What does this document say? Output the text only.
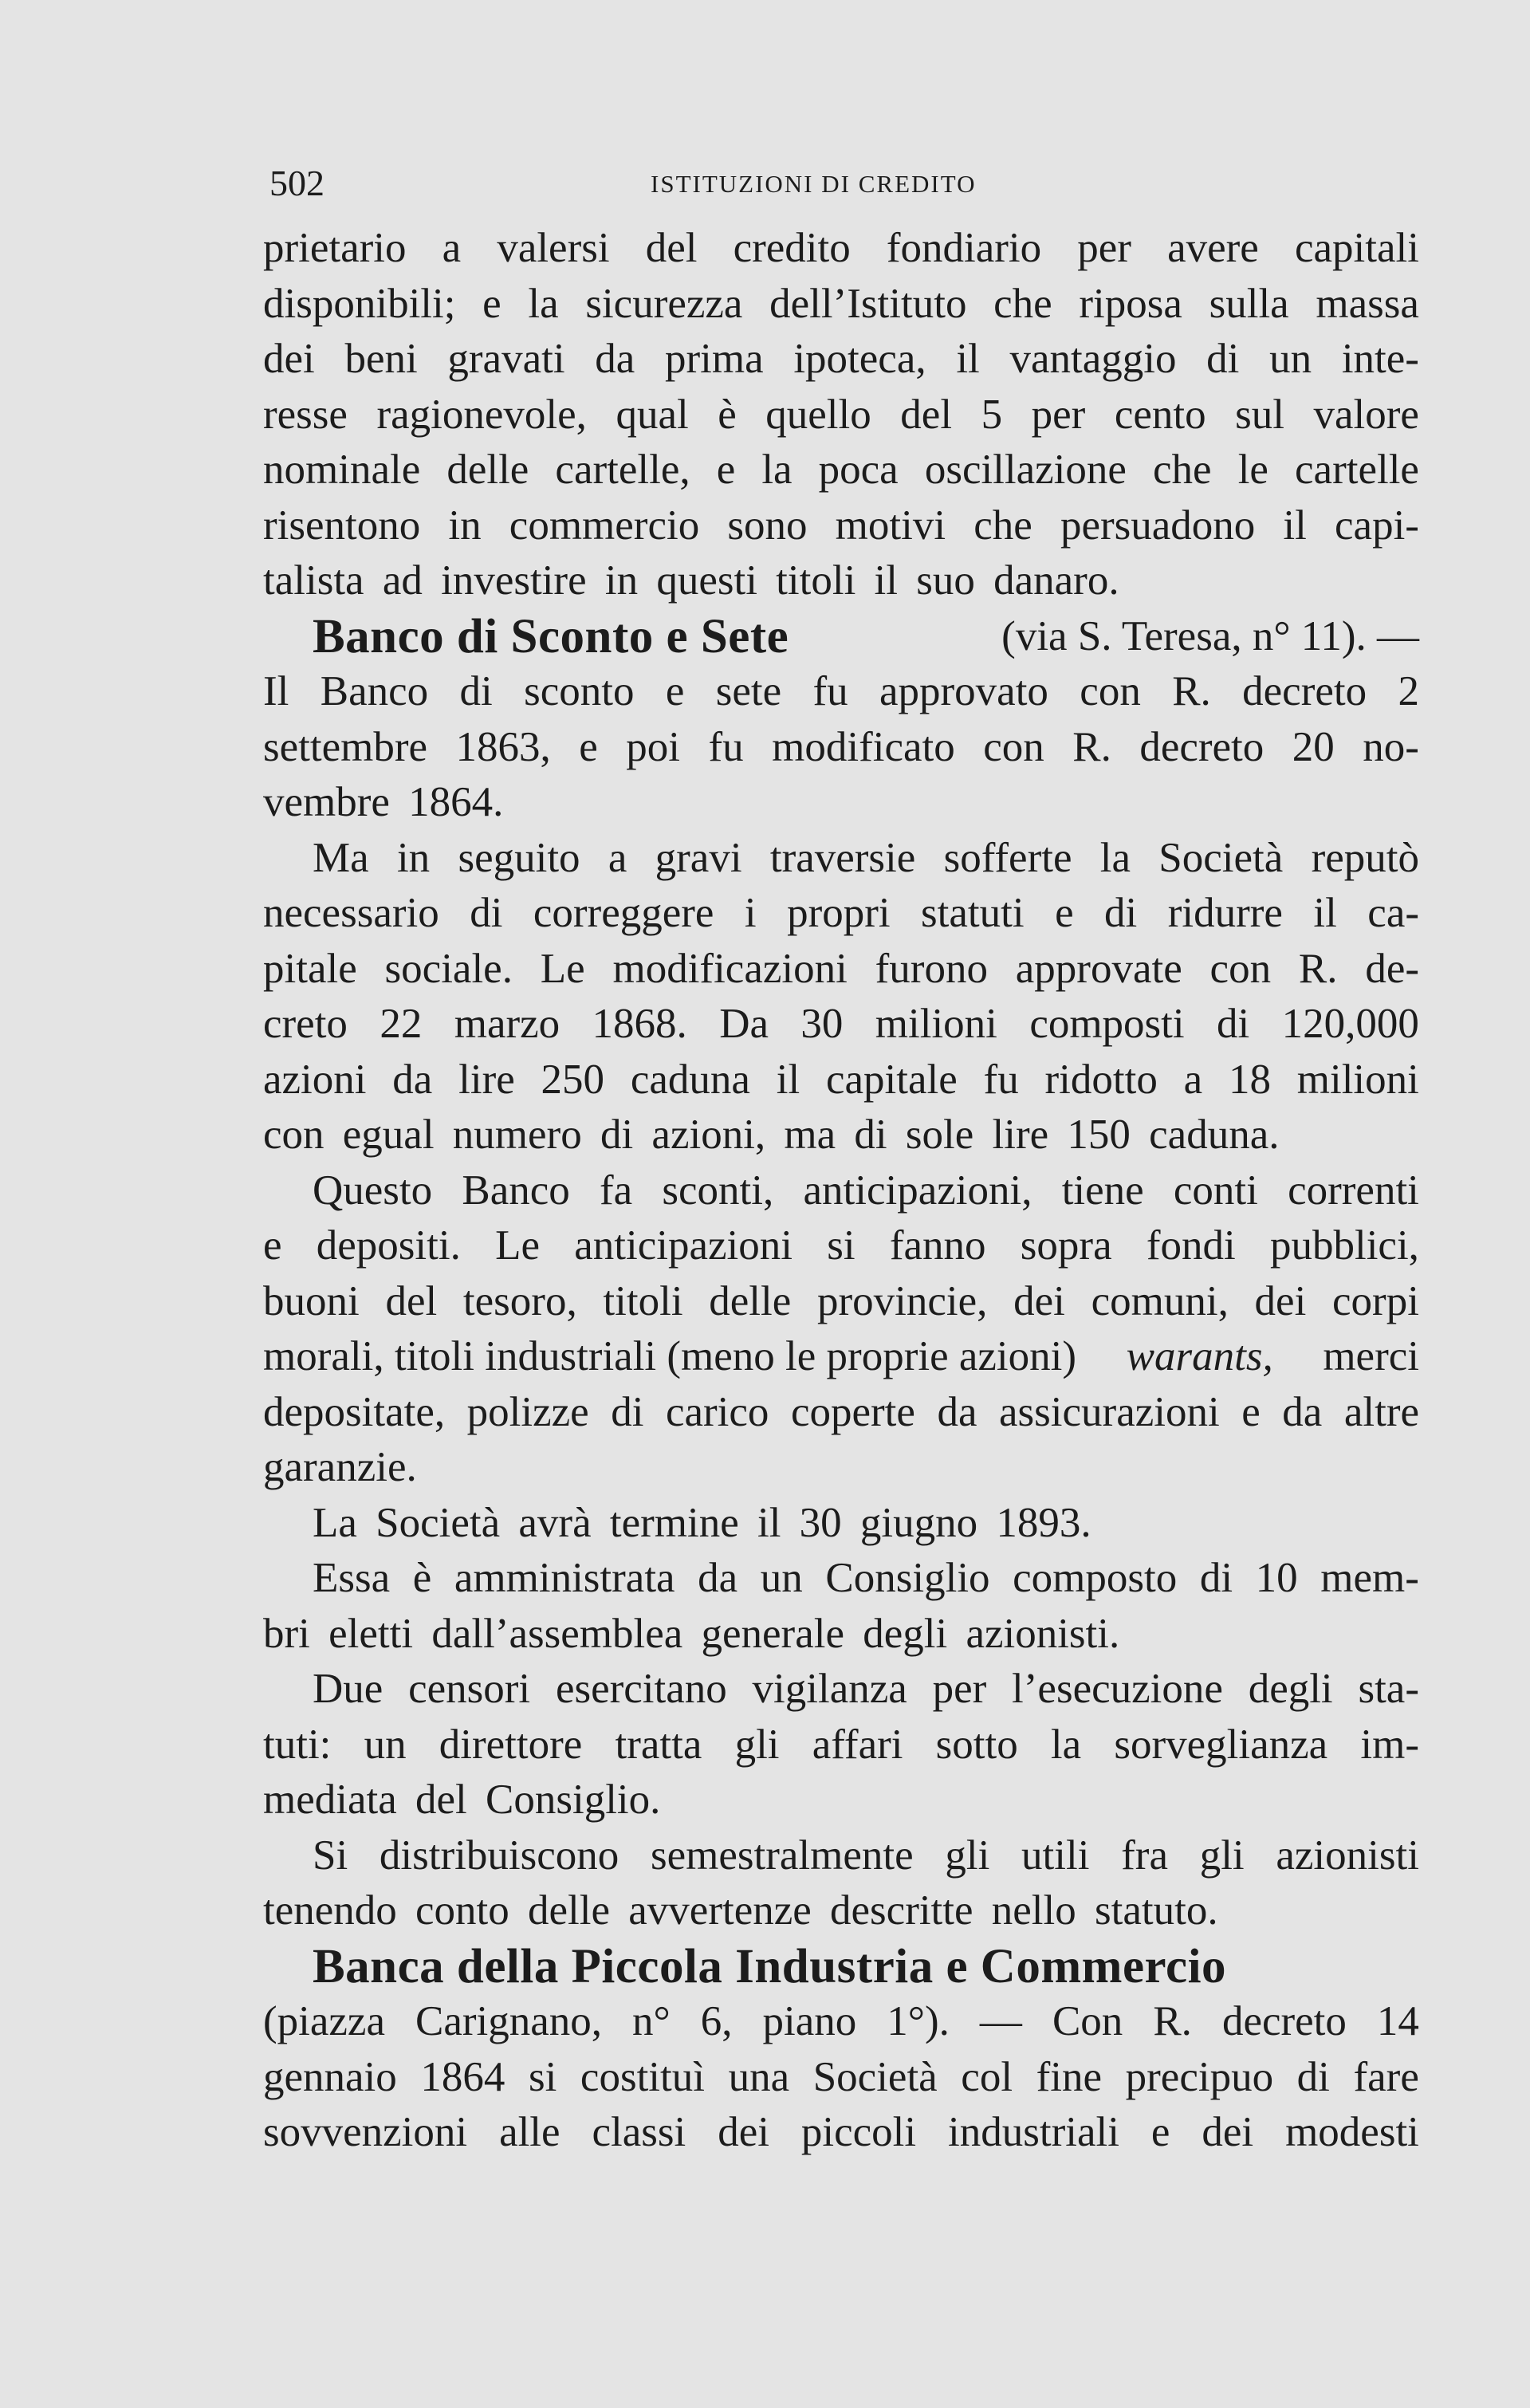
502	ISTITUZIONI DI CREDITO
prietario a valersi del credito fondiario per avere capitali
disponibili; e la sicurezza dell’Istituto che riposa sulla massa
dei beni gravati da prima ipoteca, il vantaggio di un inte-
resse ragionevole, qual è quello del 5 per cento sul valore
nominale delle cartelle, e la poca oscillazione che le cartelle
risentono in commercio sono motivi che persuadono il capi-
talista ad investire in questi titoli il suo danaro.
Banco di Sconto e Sete	(via S. Teresa, n° 11). —
Il Banco di sconto e sete fu approvato con R. decreto 2
settembre 1863, e poi fu modificato con R. decreto 20 no-
vembre 1864.
Ma in seguito a gravi traversie sofferte la Società reputò
necessario di correggere i propri statuti e di ridurre il ca-
pitale sociale. Le modificazioni furono approvate con R. de-
creto 22 marzo 1868. Da 30 milioni composti di 120,000
azioni da lire 250 caduna il capitale fu ridotto a 18 milioni
con egual numero di azioni, ma di sole lire 150 caduna.
Questo Banco fa sconti, anticipazioni, tiene conti correnti
e depositi. Le anticipazioni si fanno sopra fondi pubblici,
buoni del tesoro, titoli delle provincie, dei comuni, dei corpi
morali, titoli industriali (meno le proprie azioni) warants, merci
depositate, polizze di carico coperte da assicurazioni e da altre
garanzie.
La Società avrà termine il 30 giugno 1893.
Essa è amministrata da un Consiglio composto di 10 mem-
bri eletti dall’assemblea generale degli azionisti.
Due censori esercitano vigilanza per l’esecuzione degli sta-
tuti: un direttore tratta gli affari sotto la sorveglianza im-
mediata del Consiglio.
Si distribuiscono semestralmente gli utili fra gli azionisti
tenendo conto delle avvertenze descritte nello statuto.
Banca della Piccola Industria e Commercio
(piazza Carignano, n° 6, piano 1°). — Con R. decreto 14
gennaio 1864 si costituì una Società col fine precipuo di fare
sovvenzioni alle classi dei piccoli industriali e dei modesti
